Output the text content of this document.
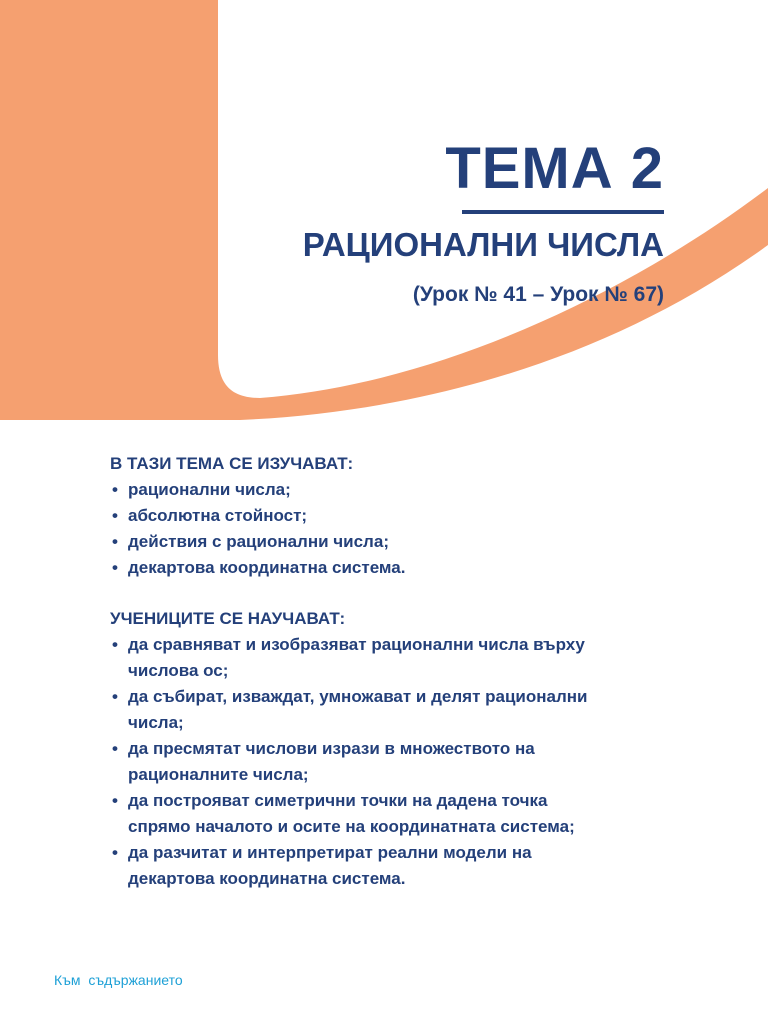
ТЕМА 2
РАЦИОНАЛНИ ЧИСЛА
(Урок № 41 – Урок № 67)
В ТАЗИ ТЕМА СЕ ИЗУЧАВАТ:
• рационални числа;
• абсолютна стойност;
• действия с рационални числа;
• декартова координатна система.
УЧЕНИЦИТЕ СЕ НАУЧАВАТ:
• да сравняват и изобразяват рационални числа върху числова ос;
• да събират, изваждат, умножават и делят рационални числа;
• да пресмятат числови изрази в множеството на рационалните числа;
• да построяват симетрични точки на дадена точка спрямо началото и осите на координатната система;
• да разчитат и интерпретират реални модели на декартова координатна система.
Към съдържанието
